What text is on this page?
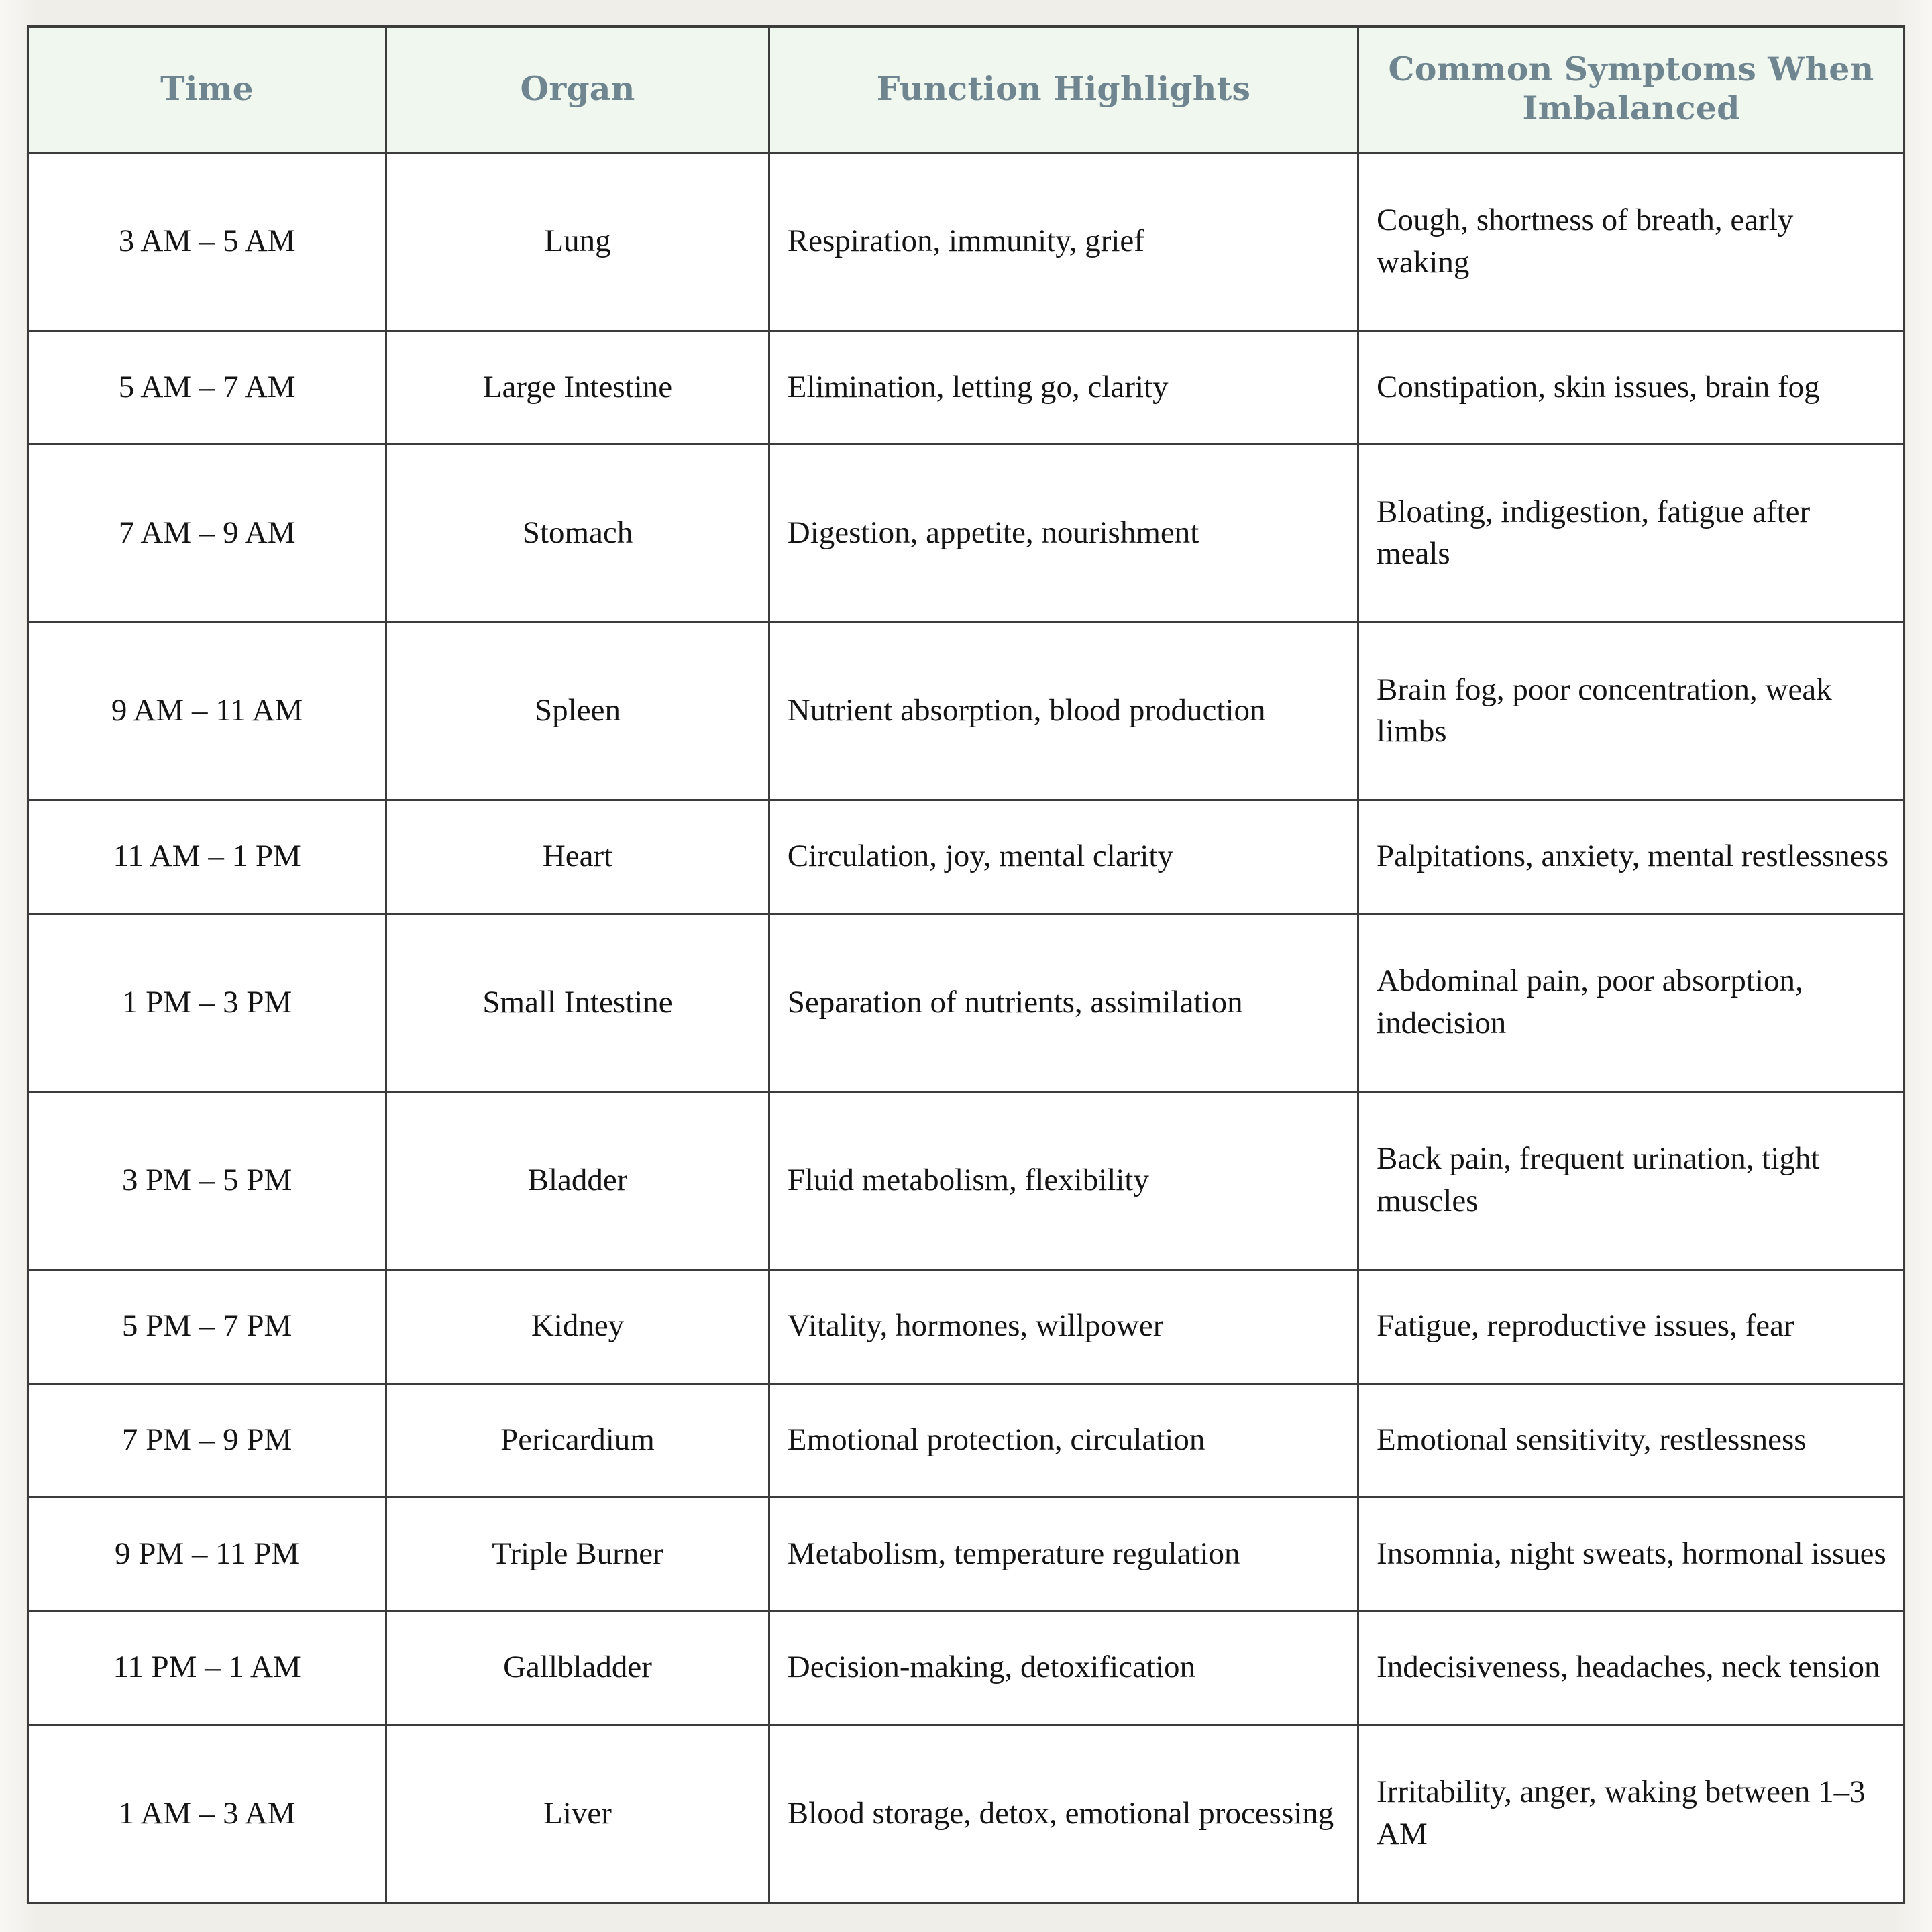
Time	Organ	Function Highlights	Common Symptoms When Imbalanced
3 AM – 5 AM	Lung	Respiration, immunity, grief	Cough, shortness of breath, early waking
5 AM – 7 AM	Large Intestine	Elimination, letting go, clarity	Constipation, skin issues, brain fog
7 AM – 9 AM	Stomach	Digestion, appetite, nourishment	Bloating, indigestion, fatigue after meals
9 AM – 11 AM	Spleen	Nutrient absorption, blood production	Brain fog, poor concentration, weak limbs
11 AM – 1 PM	Heart	Circulation, joy, mental clarity	Palpitations, anxiety, mental restlessness
1 PM – 3 PM	Small Intestine	Separation of nutrients, assimilation	Abdominal pain, poor absorption, indecision
3 PM – 5 PM	Bladder	Fluid metabolism, flexibility	Back pain, frequent urination, tight muscles
5 PM – 7 PM	Kidney	Vitality, hormones, willpower	Fatigue, reproductive issues, fear
7 PM – 9 PM	Pericardium	Emotional protection, circulation	Emotional sensitivity, restlessness
9 PM – 11 PM	Triple Burner	Metabolism, temperature regulation	Insomnia, night sweats, hormonal issues
11 PM – 1 AM	Gallbladder	Decision-making, detoxification	Indecisiveness, headaches, neck tension
1 AM – 3 AM	Liver	Blood storage, detox, emotional processing	Irritability, anger, waking between 1–3 AM
